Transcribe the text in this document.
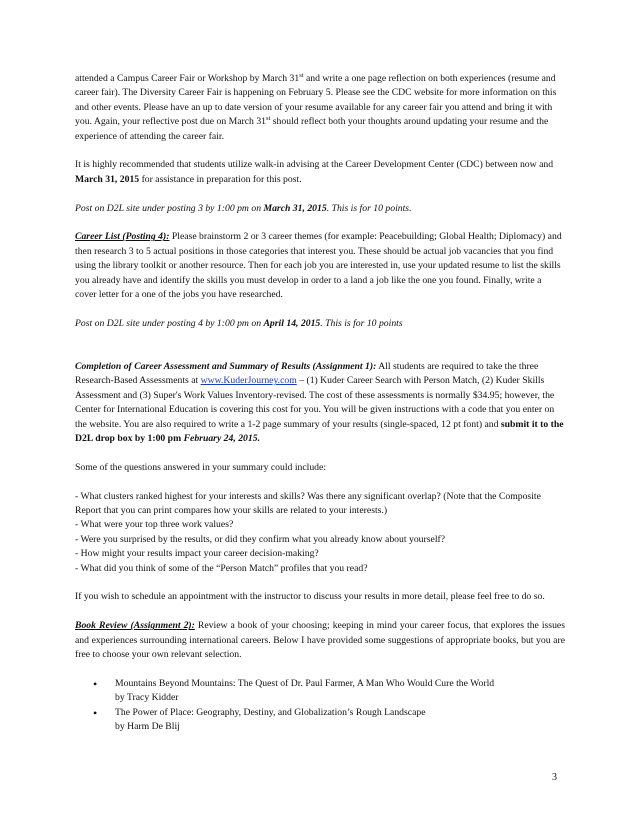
attended a Campus Career Fair or Workshop by March 31st and write a one page reflection on both experiences (resume and career fair). The Diversity Career Fair is happening on February 5. Please see the CDC website for more information on this and other events. Please have an up to date version of your resume available for any career fair you attend and bring it with you. Again, your reflective post due on March 31st should reflect both your thoughts around updating your resume and the experience of attending the career fair.

It is highly recommended that students utilize walk-in advising at the Career Development Center (CDC) between now and March 31, 2015 for assistance in preparation for this post.

Post on D2L site under posting 3 by 1:00 pm on March 31, 2015. This is for 10 points.

Career List (Posting 4): Please brainstorm 2 or 3 career themes (for example: Peacebuilding; Global Health; Diplomacy) and then research 3 to 5 actual positions in those categories that interest you. These should be actual job vacancies that you find using the library toolkit or another resource. Then for each job you are interested in, use your updated resume to list the skills you already have and identify the skills you must develop in order to a land a job like the one you found. Finally, write a cover letter for a one of the jobs you have researched.

Post on D2L site under posting 4 by 1:00 pm on April 14, 2015. This is for 10 points

Completion of Career Assessment and Summary of Results (Assignment 1): All students are required to take the three Research-Based Assessments at www.KuderJourney.com – (1) Kuder Career Search with Person Match, (2) Kuder Skills Assessment and (3) Super's Work Values Inventory-revised. The cost of these assessments is normally $34.95; however, the Center for International Education is covering this cost for you. You will be given instructions with a code that you enter on the website. You are also required to write a 1-2 page summary of your results (single-spaced, 12 pt font) and submit it to the D2L drop box by 1:00 pm February 24, 2015.

Some of the questions answered in your summary could include:

- What clusters ranked highest for your interests and skills? Was there any significant overlap? (Note that the Composite Report that you can print compares how your skills are related to your interests.)

- What were your top three work values?

- Were you surprised by the results, or did they confirm what you already know about yourself?

- How might your results impact your career decision-making?

- What did you think of some of the “Person Match” profiles that you read?

If you wish to schedule an appointment with the instructor to discuss your results in more detail, please feel free to do so.

Book Review (Assignment 2): Review a book of your choosing; keeping in mind your career focus, that explores the issues and experiences surrounding international careers. Below I have provided some suggestions of appropriate books, but you are free to choose your own relevant selection.

• Mountains Beyond Mountains: The Quest of Dr. Paul Farmer, A Man Who Would Cure the World
by Tracy Kidder
• The Power of Place: Geography, Destiny, and Globalization’s Rough Landscape
by Harm De Blij
3
